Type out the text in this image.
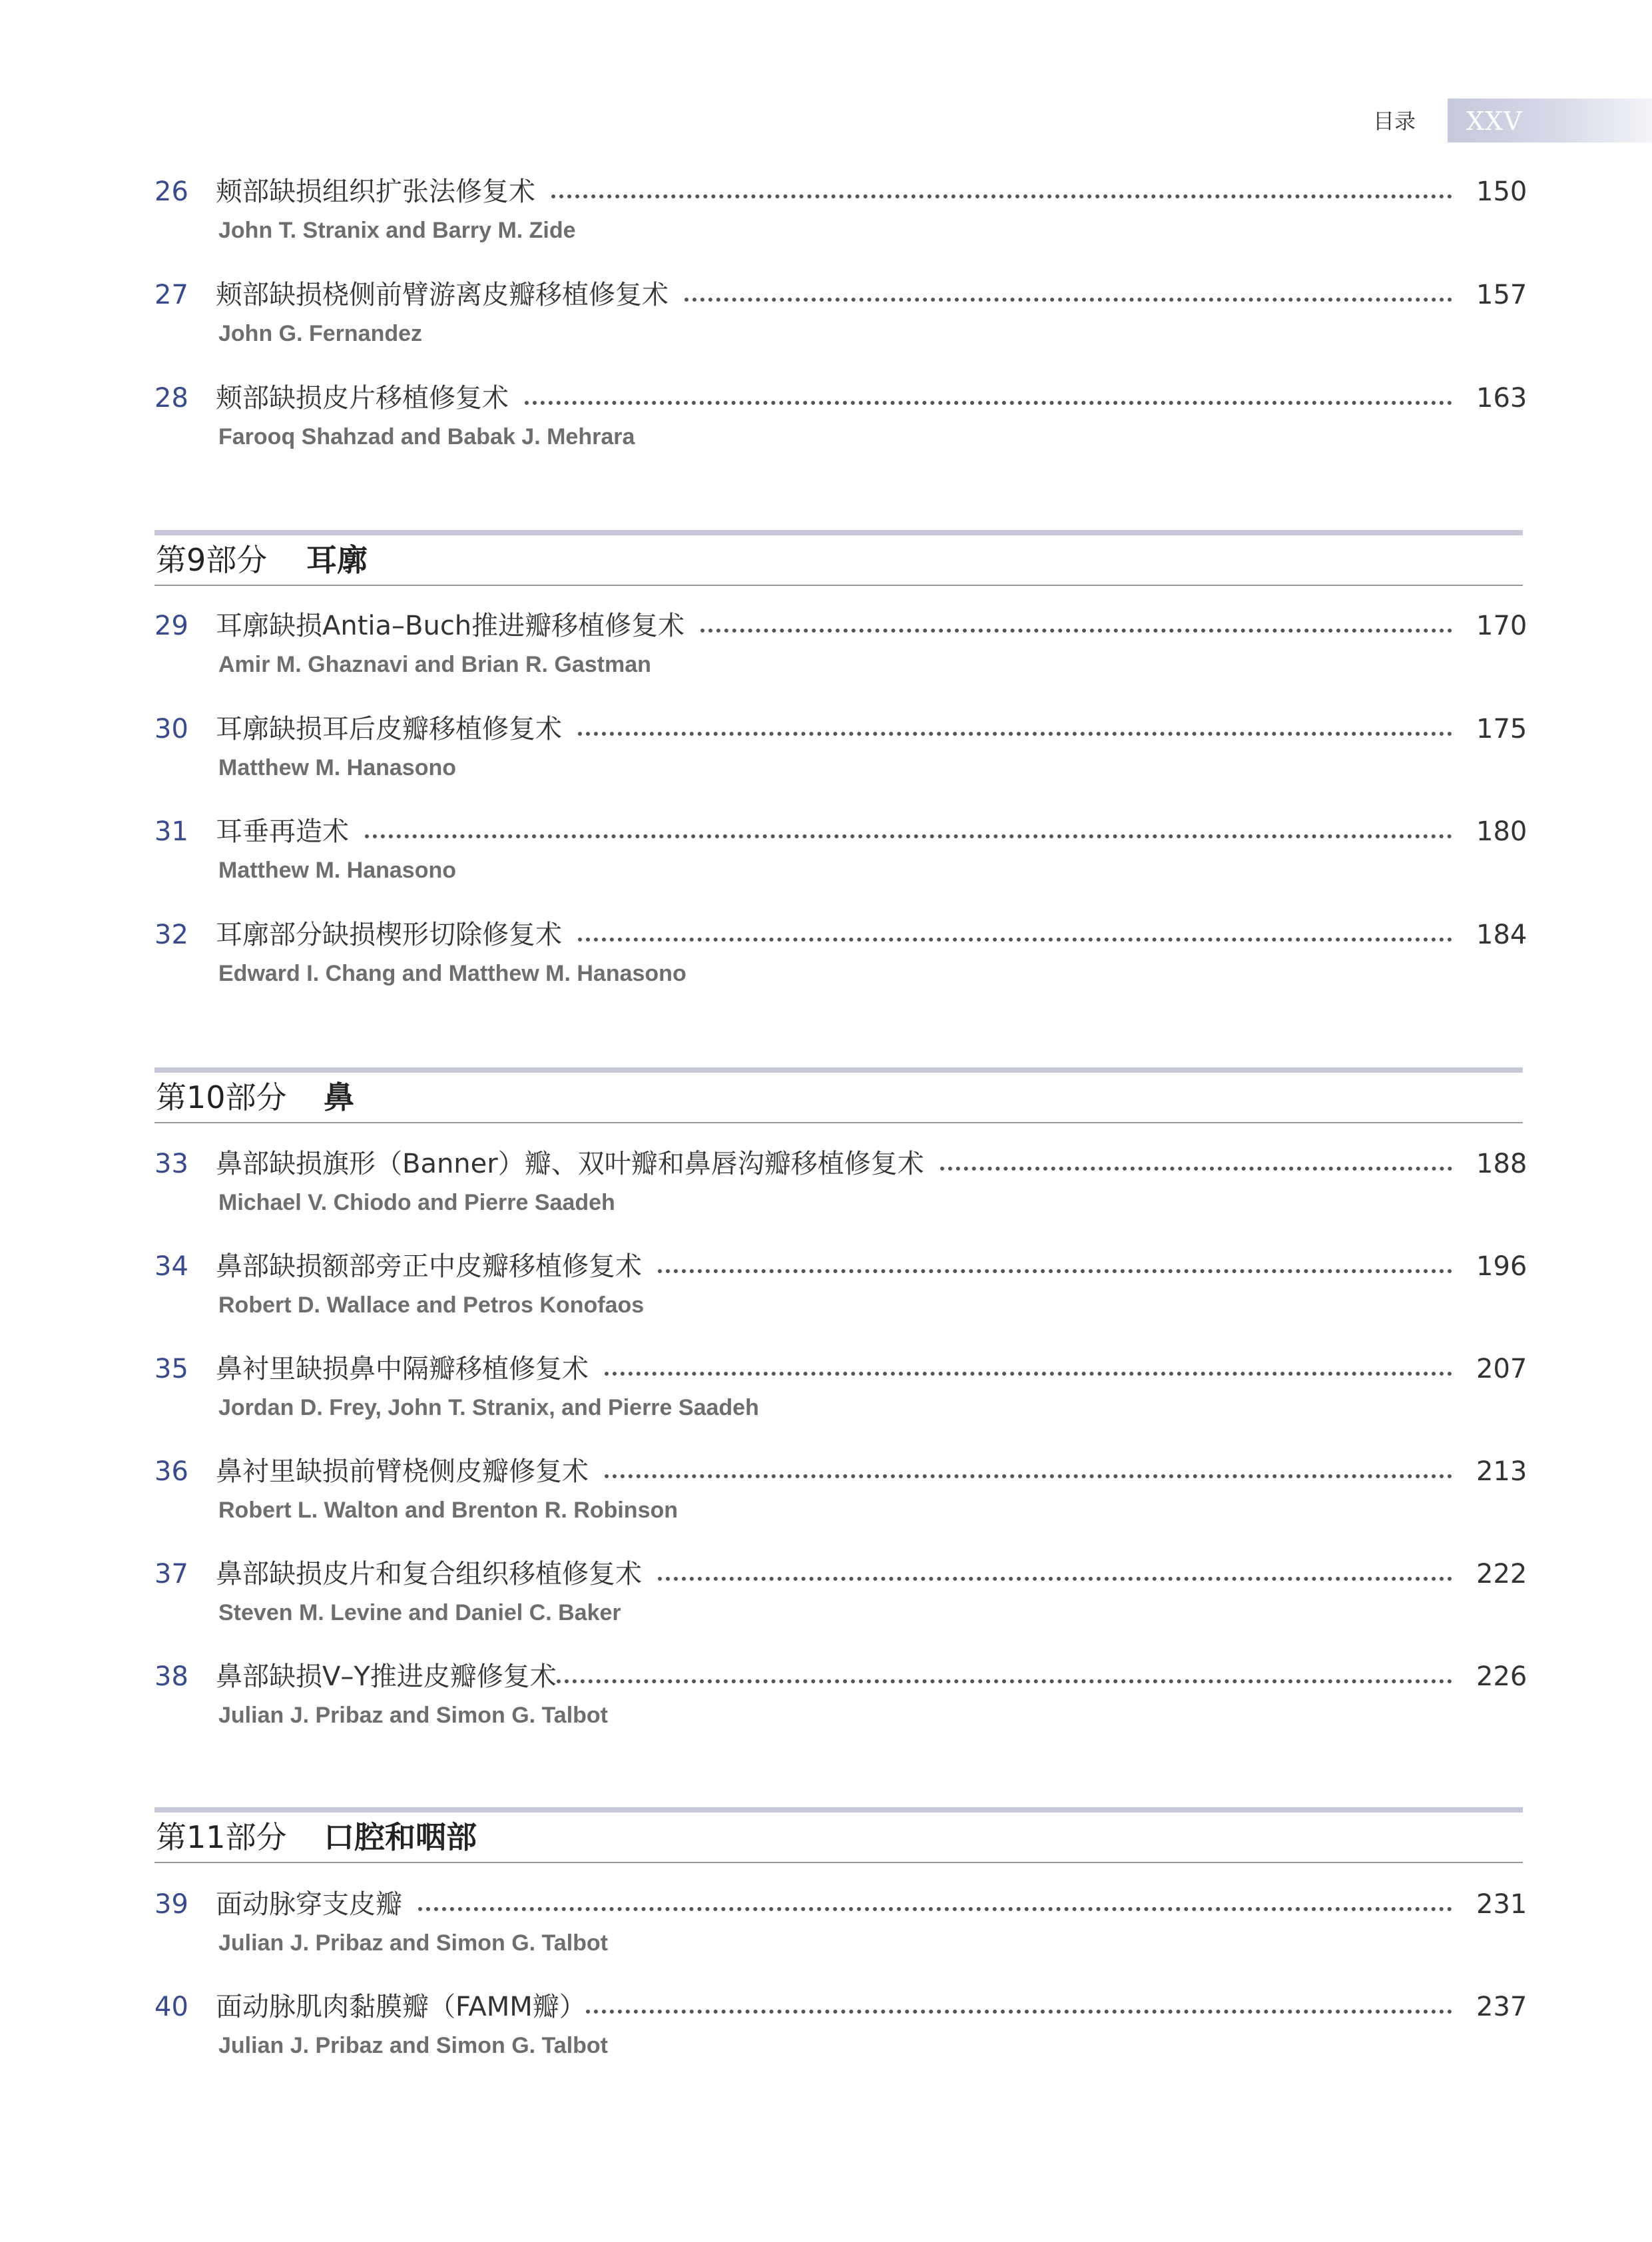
目录 XXV
26	颊部缺损组织扩张法修复术	150
John T. Stranix and Barry M. Zide
27	颊部缺损桡侧前臂游离皮瓣移植修复术	157
John G. Fernandez
28	颊部缺损皮片移植修复术	163
Farooq Shahzad and Babak J. Mehrara
第9部分 耳廓
29	耳廓缺损Antia–Buch推进瓣移植修复术	170
Amir M. Ghaznavi and Brian R. Gastman
30	耳廓缺损耳后皮瓣移植修复术	175
Matthew M. Hanasono
31	耳垂再造术	180
Matthew M. Hanasono
32	耳廓部分缺损楔形切除修复术	184
Edward I. Chang and Matthew M. Hanasono
第10部分 鼻
33	鼻部缺损旗形（Banner）瓣、双叶瓣和鼻唇沟瓣移植修复术	188
Michael V. Chiodo and Pierre Saadeh
34	鼻部缺损额部旁正中皮瓣移植修复术	196
Robert D. Wallace and Petros Konofaos
35	鼻衬里缺损鼻中隔瓣移植修复术	207
Jordan D. Frey, John T. Stranix, and Pierre Saadeh
36	鼻衬里缺损前臂桡侧皮瓣修复术	213
Robert L. Walton and Brenton R. Robinson
37	鼻部缺损皮片和复合组织移植修复术	222
Steven M. Levine and Daniel C. Baker
38	鼻部缺损V–Y推进皮瓣修复术	226
Julian J. Pribaz and Simon G. Talbot
第11部分 口腔和咽部
39	面动脉穿支皮瓣	231
Julian J. Pribaz and Simon G. Talbot
40	面动脉肌肉黏膜瓣（FAMM瓣）	237
Julian J. Pribaz and Simon G. Talbot
